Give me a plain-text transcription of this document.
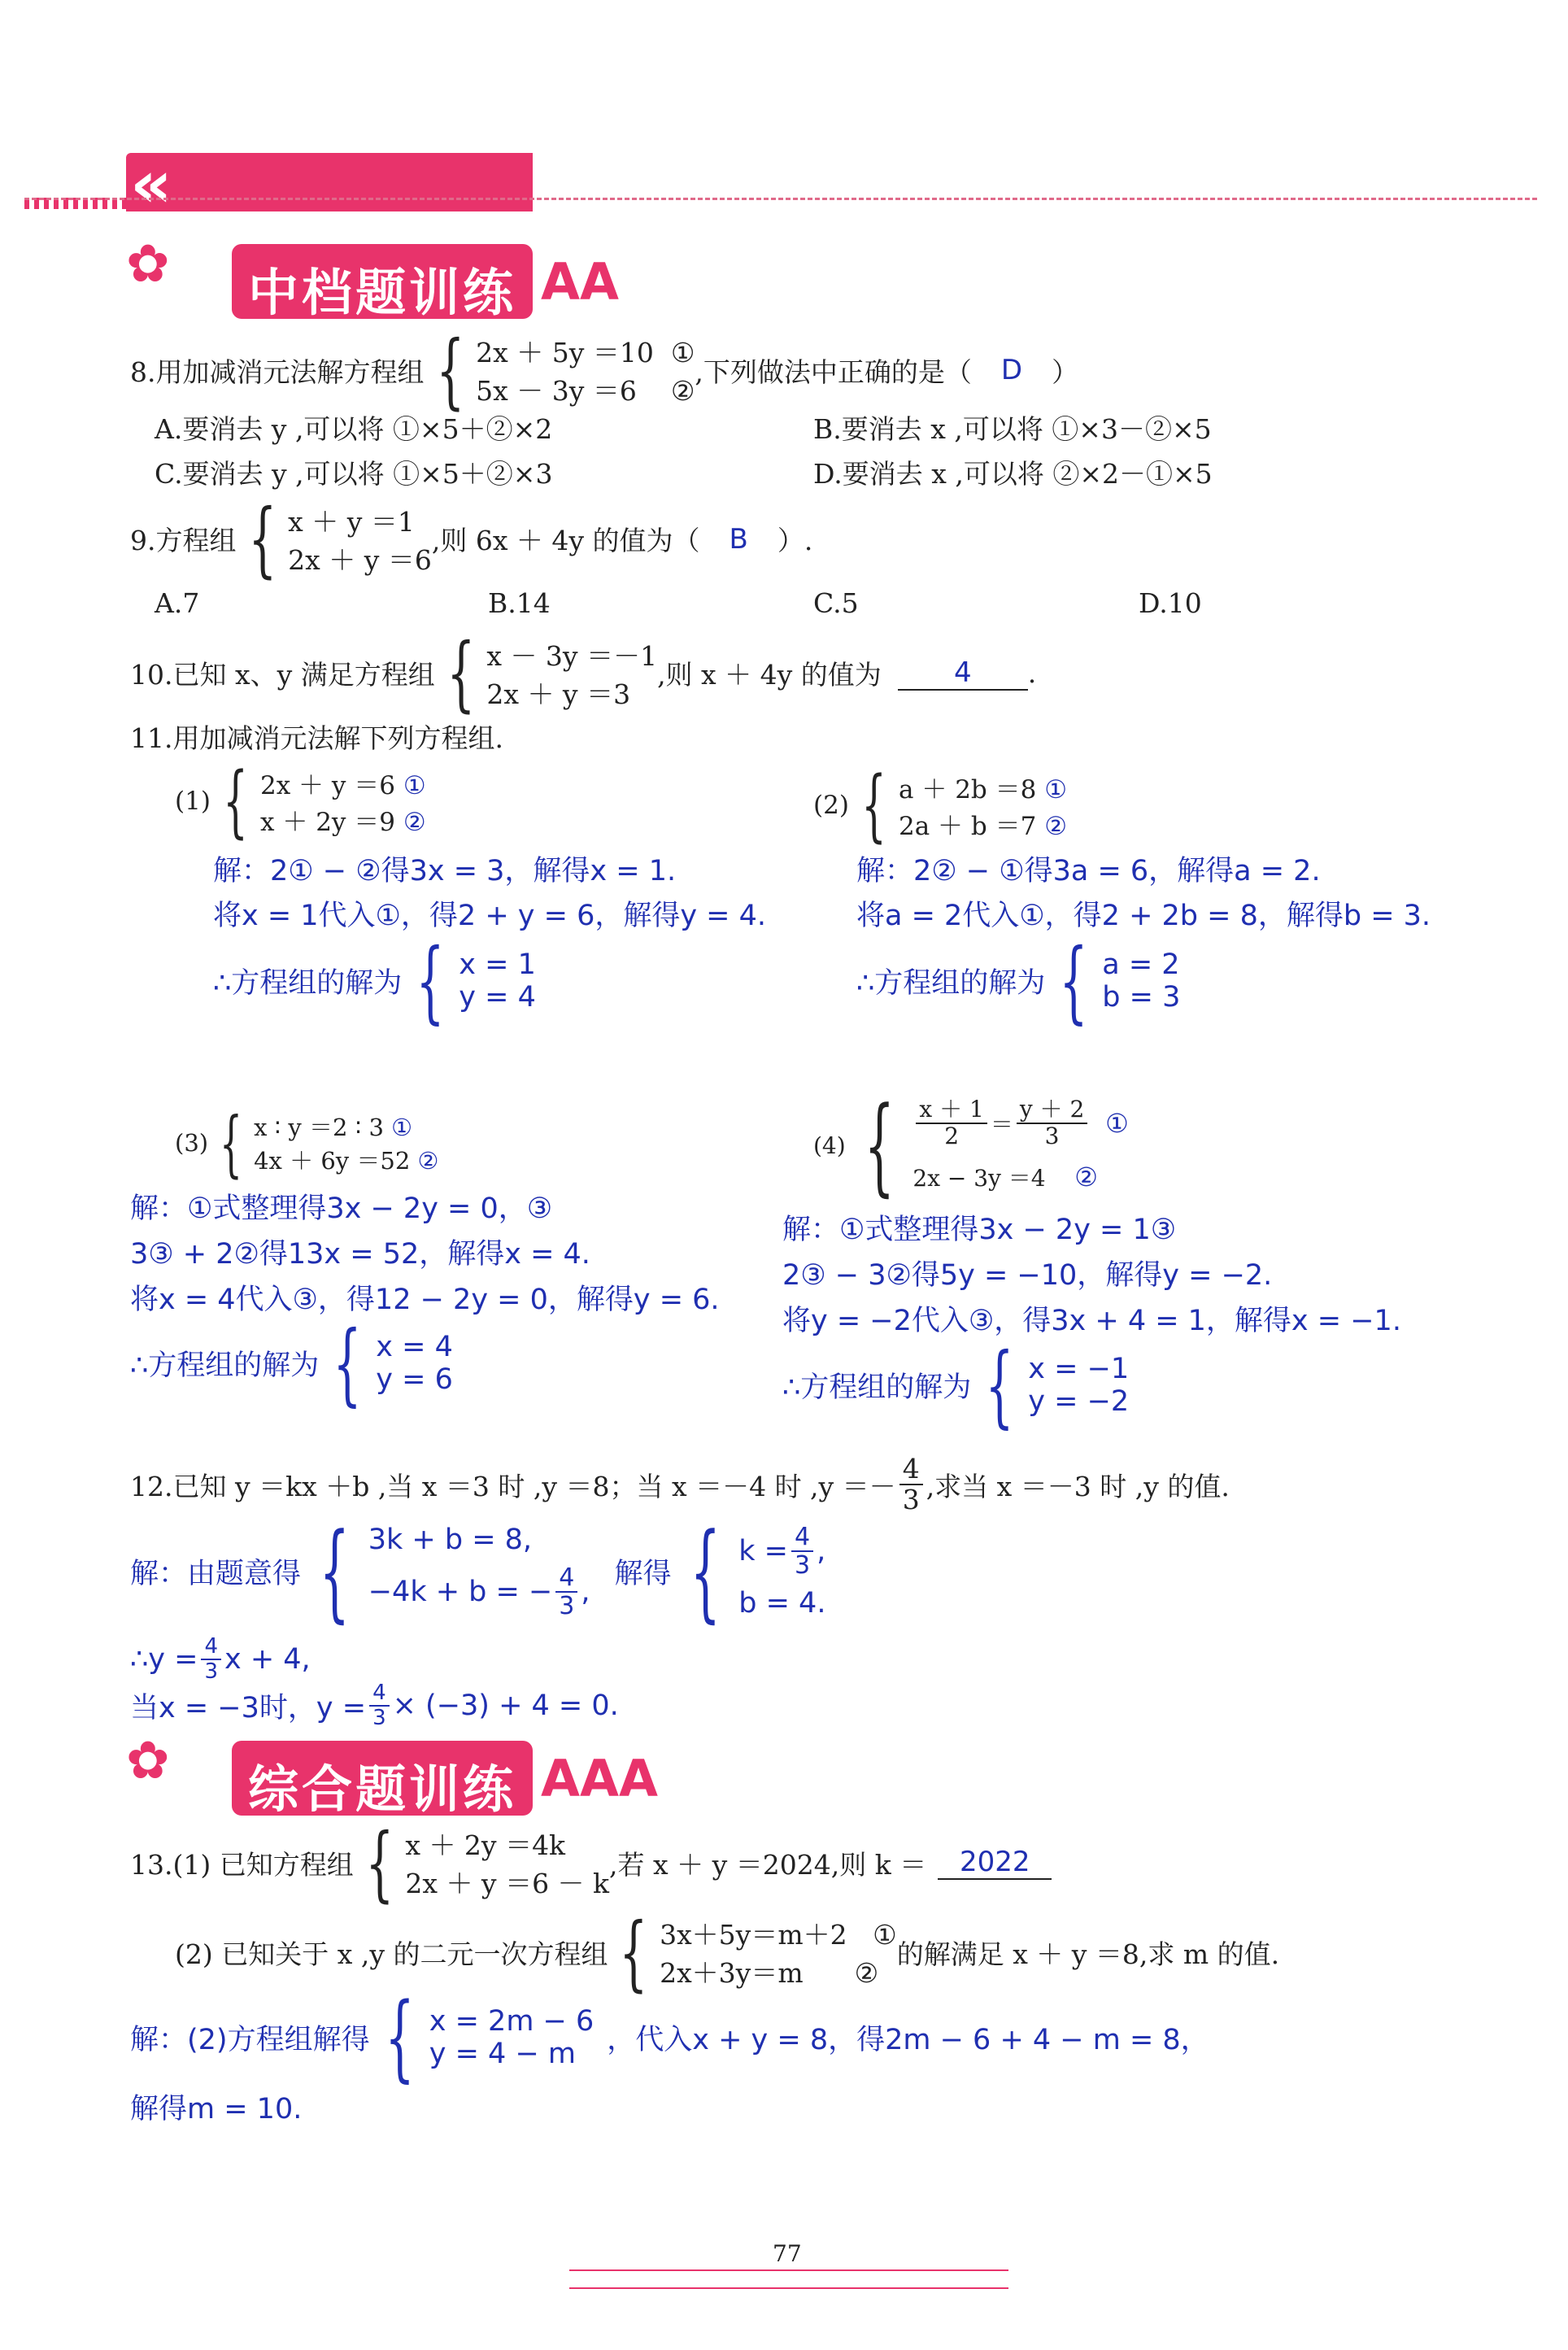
«
✿ 中档题训练 AA
8.用加减消元法解方程组 { 2x ＋ 5y ＝10 ①
5x － 3y ＝6 ②
,下列做法中正确的是（ D ）
A.要消去 y ,可以将 ①×5＋②×2	B.要消去 x ,可以将 ①×3－②×5
C.要消去 y ,可以将 ①×5＋②×3	D.要消去 x ,可以将 ②×2－①×5
9.方程组 { x ＋ y ＝1
2x ＋ y ＝6
,则 6x ＋ 4y 的值为（ B ）.
A.7	B.14	C.5	D.10
10.已知 x、y 满足方程组 { x － 3y ＝－1
2x ＋ y ＝3
,则 x ＋ 4y 的值为	4	.
11.用加减消元法解下列方程组.
(1) { 2x ＋ y ＝6 ①
x ＋ 2y ＝9 ②
解：2① − ②得3x = 3，解得x = 1.
将x = 1代入①，得2 + y = 6，解得y = 4.
∴方程组的解为 { x = 1
y = 4
(2) { a ＋ 2b ＝8 ①
2a ＋ b ＝7 ②
解：2② − ①得3a = 6，解得a = 2.
将a = 2代入①，得2 + 2b = 8，解得b = 3.
∴方程组的解为 { a = 2
b = 3
(3) { x ∶ y ＝2 ∶ 3 ①
4x ＋ 6y ＝52 ②
解：①式整理得3x − 2y = 0，③
3③ + 2②得13x = 52，解得x = 4.
将x = 4代入③，得12 − 2y = 0，解得y = 6.
∴方程组的解为 { x = 4
y = 6
(4) { $\frac{x + 1}{2} = \frac{y + 2}{3}$
①
2x − 3y ＝4 ②
解：①式整理得3x − 2y = 1③
2③ − 3②得5y = −10，解得y = −2.
将y = −2代入③，得3x + 4 = 1，解得x = −1.
∴方程组的解为 { x = −1
y = −2
12.已知 y ＝kx ＋b ,当 x ＝3 时 ,y ＝8；当 x ＝－4 时 $,y =- \frac{4}{3}$ ,求当 x ＝－3 时 ,y 的值.
解：由题意得 { 3k + b = 8,
−4k + b = − $\frac{4}{3}$ ,
解得 { $k = \frac{4}{3}$ ,
b = 4.
∴y = $\frac{4}{3}$ x + 4,
当x = −3时，$y = \frac{4}{3} \times (-3) + 4 = 0$.
✿ 综合题训练 AAA
13.(1) 已知方程组 { x ＋ 2y ＝4k
2x ＋ y ＝6 － k
,若 x ＋ y ＝2024,则 k ＝	2022
(2) 已知关于 x ,y 的二元一次方程组 { 3x＋5y＝m＋2 ①
2x＋3y＝m ②
的解满足 x ＋ y ＝8,求 m 的值.
解：(2)方程组解得 { x = 2m − 6
y = 4 − m	，代入x + y = 8，得2m − 6 + 4 − m = 8，
解得m = 10.
77
